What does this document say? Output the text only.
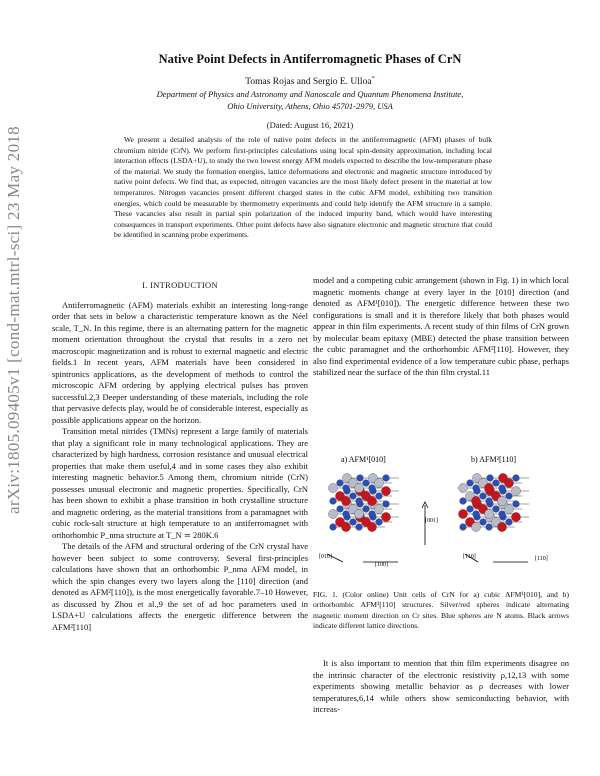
arXiv:1805.09405v1 [cond-mat.mtrl-sci] 23 May 2018
Native Point Defects in Antiferromagnetic Phases of CrN
Tomas Rojas and Sergio E. Ulloa*
Department of Physics and Astronomy and Nanoscale and Quantum Phenomena Institute,
Ohio University, Athens, Ohio 45701-2979, USA
(Dated: August 16, 2021)
We present a detailed analysis of the role of native point defects in the antiferromagnetic (AFM) phases of bulk chromium nitride (CrN). We perform first-principles calculations using local spin-density approximation, including local interaction effects (LSDA+U), to study the two lowest energy AFM models expected to describe the low-temperature phase of the material. We study the formation energies, lattice deformations and electronic and magnetic structure introduced by native point defects. We find that, as expected, nitrogen vacancies are the most likely defect present in the material at low temperatures. Nitrogen vacancies present different charged states in the cubic AFM model, exhibiting two transition energies, which could be measurable by thermometry experiments and could help identify the AFM structure in a sample. These vacancies also result in partial spin polarization of the induced impurity band, which would have interesting consequences in transport experiments. Other point defects have also signature electronic and magnetic structure that could be identified in scanning probe experiments.
I. INTRODUCTION

Antiferromagnetic (AFM) materials exhibit an interesting long-range order that sets in below a characteristic temperature known as the Néel scale, T_N. In this regime, there is an alternating pattern for the magnetic moment orientation throughout the crystal that results in a zero net macroscopic magnetization and is robust to external magnetic and electric fields.1 In recent years, AFM materials have been considered in spintronics applications, as the development of methods to control the microscopic AFM ordering by applying electrical pulses has proven successful.2,3 Deeper understanding of these materials, including the role that pervasive defects play, would be of considerable interest, especially as possible applications appear on the horizon.

Transition metal nitrides (TMNs) represent a large family of materials that play a significant role in many technological applications. They are characterized by high hardness, corrosion resistance and unusual electrical properties that make them useful,4 and in some cases they also exhibit interesting magnetic behavior.5 Among them, chromium nitride (CrN) possesses unusual electronic and magnetic properties. Specifically, CrN has been shown to exhibit a phase transition in both crystalline structure and magnetic ordering, as the material transitions from a paramagnet with cubic rock-salt structure at high temperature to an antiferromagnet with orthorhombic P_nma structure at T_N ≃ 280K.6

The details of the AFM and structural ordering of the CrN crystal have however been subject to some controversy. Several first-principles calculations have shown that an orthorhombic P_nma AFM model, in which the spin changes every two layers along the [110] direction (and denoted as AFM²[110]), is the most energetically favorable.7–10 However, as discussed by Zhou et al.,9 the set of ad hoc parameters used in LSDA+U calculations affects the energetic difference between the AFM²[110]

model and a competing cubic arrangement (shown in Fig. 1) in which local magnetic moments change at every layer in the [010] direction (and denoted as AFM¹[010]). The energetic difference between these two configurations is small and it is therefore likely that both phases would appear in thin film experiments. A recent study of thin films of CrN grown by molecular beam epitaxy (MBE) detected the phase transition between the cubic paramagnet and the orthorhombic AFM²[110]. However, they also find experimental evidence of a low temperature cubic phase, perhaps stabilized near the surface of the thin film crystal.11

a) AFM¹[010]	b) AFM²[110]
[001]
[010]
[100]
[110]	[110]
FIG. 1. (Color online) Unit cells of CrN for a) cubic AFM¹[010], and b) orthorhombic AFM²[110] structures. Silver/red spheres indicate alternating magnetic moment direction on Cr sites. Blue spheres are N atoms. Black arrows indicate different lattice directions.

It is also important to mention that thin film experiments disagree on the intrinsic character of the electronic resistivity ρ,12,13 with some experiments showing metallic behavior as ρ decreases with lower temperatures,6,14 while others show semiconducting behavior, with increas-
